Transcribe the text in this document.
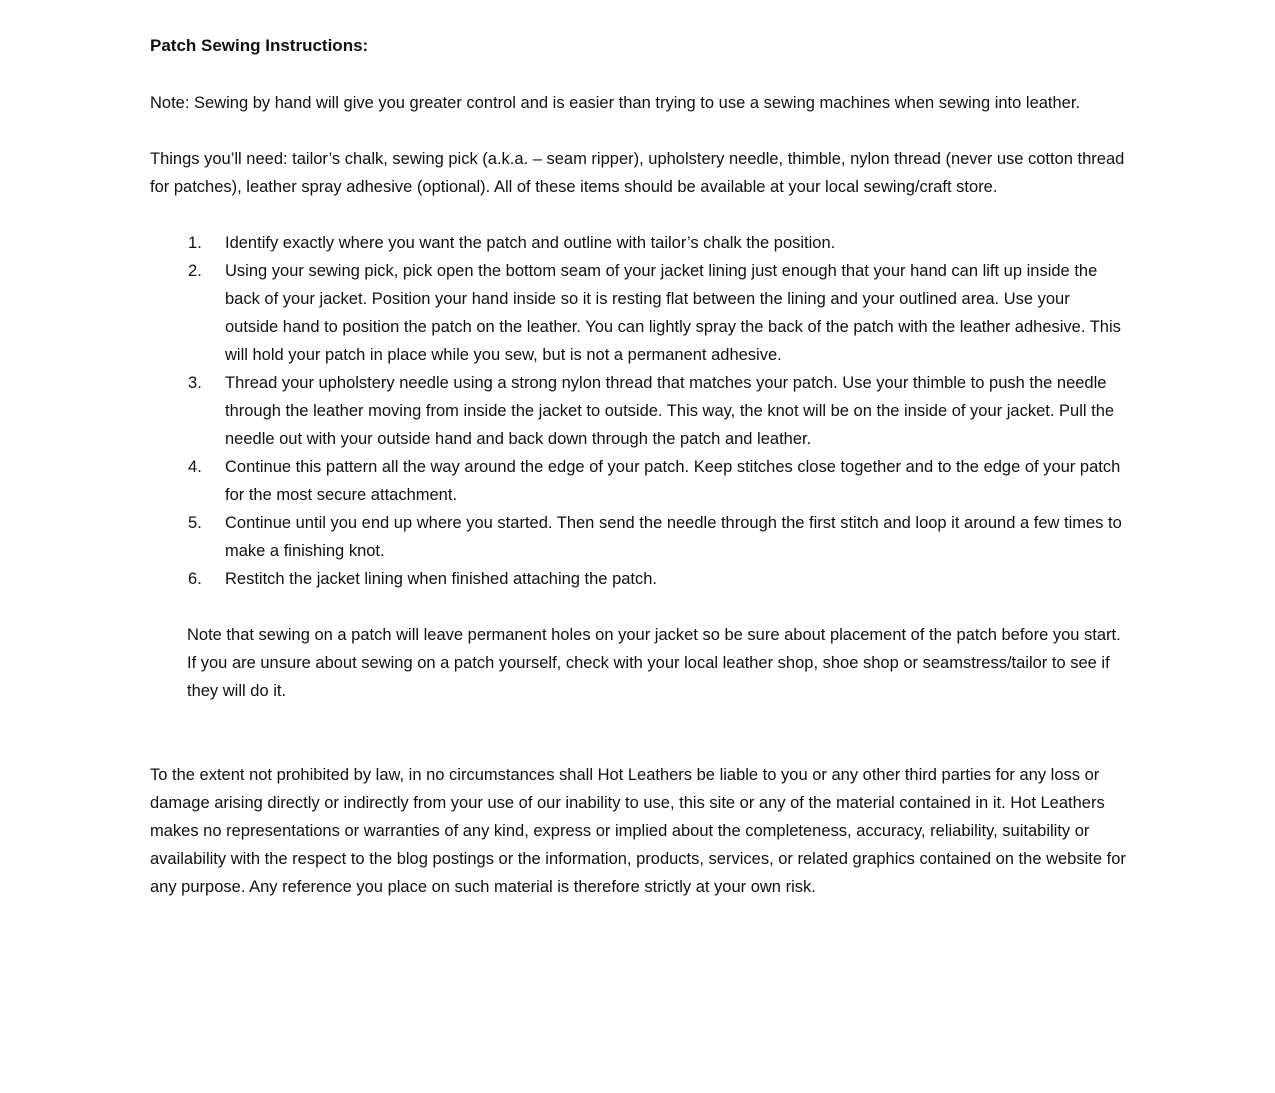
Patch Sewing Instructions:

Note: Sewing by hand will give you greater control and is easier than trying to use a sewing machines when sewing into leather.

Things you’ll need: tailor’s chalk, sewing pick (a.k.a. – seam ripper), upholstery needle, thimble, nylon thread (never use cotton thread for patches), leather spray adhesive (optional). All of these items should be available at your local sewing/craft store.

Identify exactly where you want the patch and outline with tailor’s chalk the position.
Using your sewing pick, pick open the bottom seam of your jacket lining just enough that your hand can lift up inside the back of your jacket. Position your hand inside so it is resting flat between the lining and your outlined area. Use your outside hand to position the patch on the leather. You can lightly spray the back of the patch with the leather adhesive. This will hold your patch in place while you sew, but is not a permanent adhesive.
Thread your upholstery needle using a strong nylon thread that matches your patch. Use your thimble to push the needle through the leather moving from inside the jacket to outside. This way, the knot will be on the inside of your jacket. Pull the needle out with your outside hand and back down through the patch and leather.
Continue this pattern all the way around the edge of your patch. Keep stitches close together and to the edge of your patch for the most secure attachment.
Continue until you end up where you started. Then send the needle through the first stitch and loop it around a few times to make a finishing knot.
Restitch the jacket lining when finished attaching the patch.

Note that sewing on a patch will leave permanent holes on your jacket so be sure about placement of the patch before you start.

If you are unsure about sewing on a patch yourself, check with your local leather shop, shoe shop or seamstress/tailor to see if they will do it.

To the extent not prohibited by law, in no circumstances shall Hot Leathers be liable to you or any other third parties for any loss or damage arising directly or indirectly from your use of our inability to use, this site or any of the material contained in it. Hot Leathers makes no representations or warranties of any kind, express or implied about the completeness, accuracy, reliability, suitability or availability with the respect to the blog postings or the information, products, services, or related graphics contained on the website for any purpose. Any reference you place on such material is therefore strictly at your own risk.
